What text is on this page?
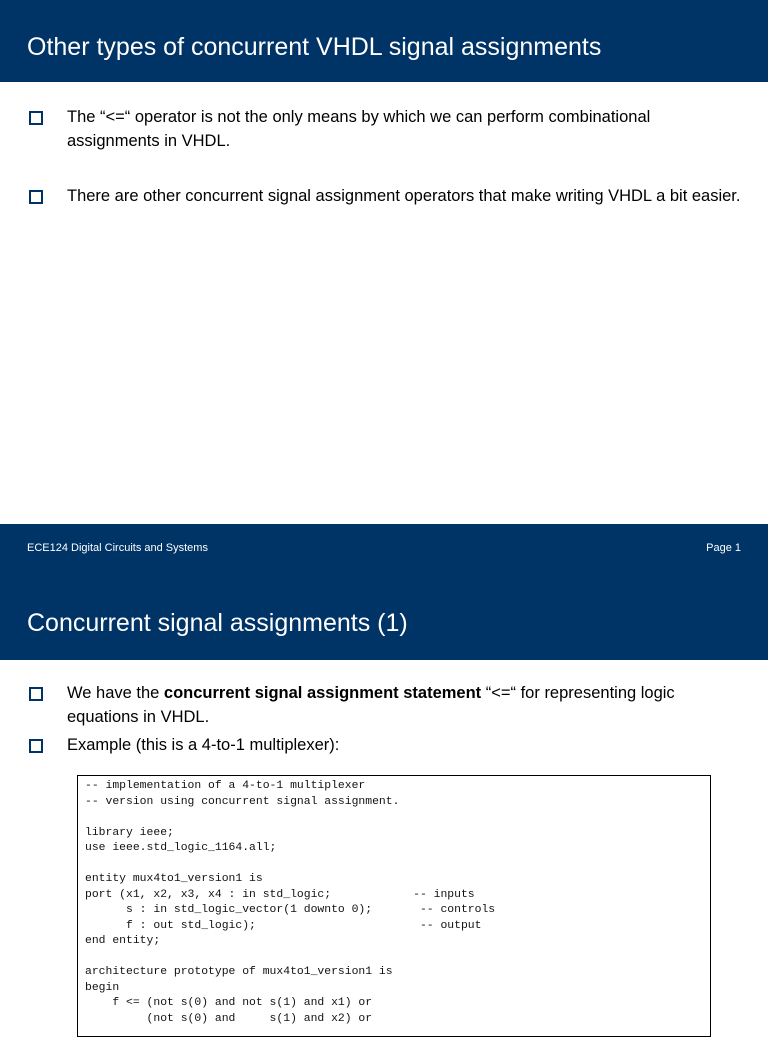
Other types of concurrent VHDL signal assignments
The “<=“ operator is not the only means by which we can perform combinational assignments in VHDL.
There are other concurrent signal assignment operators that make writing VHDL a bit easier.
ECE124 Digital Circuits and Systems	Page 1
Concurrent signal assignments (1)
We have the concurrent signal assignment statement “<=“ for representing logic equations in VHDL.
Example (this is a 4-to-1 multiplexer):
-- implementation of a 4-to-1 multiplexer
-- version using concurrent signal assignment.

library ieee;
use ieee.std_logic_1164.all;

entity mux4to1_version1 is
port (x1, x2, x3, x4 : in std_logic;            -- inputs
s : in std_logic_vector(1 downto 0);       -- controls
f : out std_logic);                        -- output
end entity;

architecture prototype of mux4to1_version1 is
begin
f <= (not s(0) and not s(1) and x1) or
(not s(0) and     s(1) and x2) or
